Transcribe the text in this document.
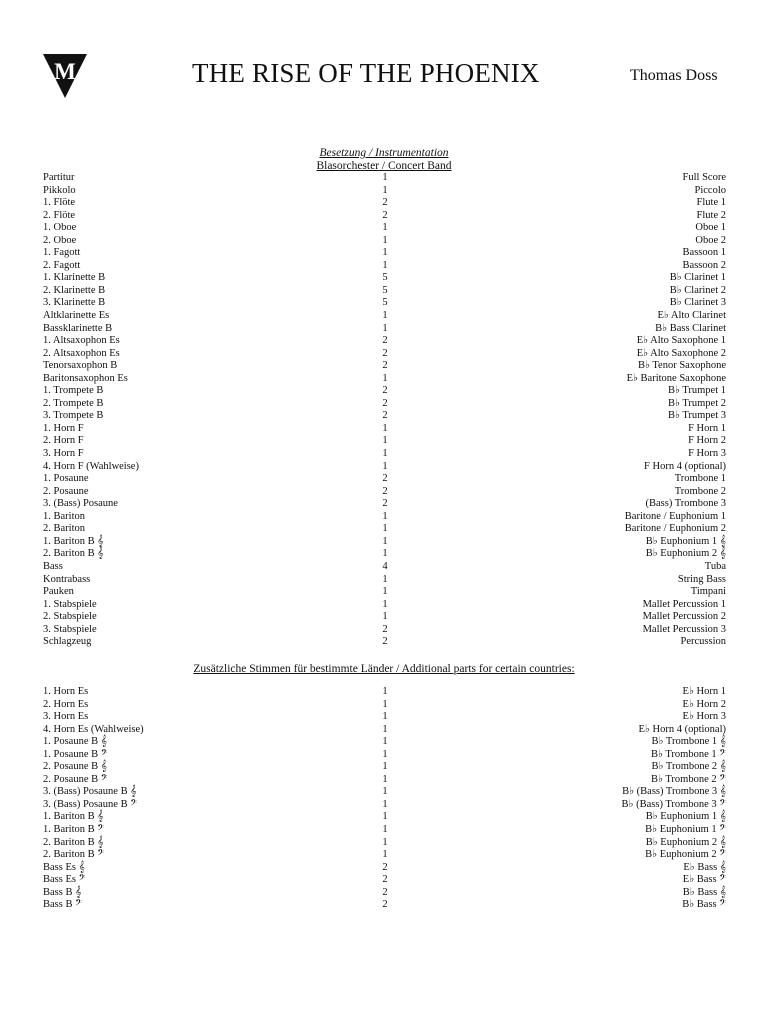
M	THE RISE OF THE PHOENIX	Thomas Doss
Besetzung / Instrumentation
Blasorchester / Concert Band
Partitur	1	Full Score
Pikkolo	1	Piccolo
1. Flöte	2	Flute 1
2. Flöte	2	Flute 2
1. Oboe	1	Oboe 1
2. Oboe	1	Oboe 2
1. Fagott	1	Bassoon 1
2. Fagott	1	Bassoon 2
1. Klarinette B	5	B♭ Clarinet 1
2. Klarinette B	5	B♭ Clarinet 2
3. Klarinette B	5	B♭ Clarinet 3
Altklarinette Es	1	E♭ Alto Clarinet
Bassklarinette B	1	B♭ Bass Clarinet
1. Altsaxophon Es	2	E♭ Alto Saxophone 1
2. Altsaxophon Es	2	E♭ Alto Saxophone 2
Tenorsaxophon B	2	B♭ Tenor Saxophone
Baritonsaxophon Es	1	E♭ Baritone Saxophone
1. Trompete B	2	B♭ Trumpet 1
2. Trompete B	2	B♭ Trumpet 2
3. Trompete B	2	B♭ Trumpet 3
1. Horn F	1	F Horn 1
2. Horn F	1	F Horn 2
3. Horn F	1	F Horn 3
4. Horn F (Wahlweise)	1	F Horn 4 (optional)
1. Posaune	2	Trombone 1
2. Posaune	2	Trombone 2
3. (Bass) Posaune	2	(Bass) Trombone 3
1. Bariton	1	Baritone / Euphonium 1
2. Bariton	1	Baritone / Euphonium 2
1. Bariton B 𝄞	1	B♭ Euphonium 1 𝄞
2. Bariton B 𝄞	1	B♭ Euphonium 2 𝄞
Bass	4	Tuba
Kontrabass	1	String Bass
Pauken	1	Timpani
1. Stabspiele	1	Mallet Percussion 1
2. Stabspiele	1	Mallet Percussion 2
3. Stabspiele	2	Mallet Percussion 3
Schlagzeug	2	Percussion
Zusätzliche Stimmen für bestimmte Länder / Additional parts for certain countries:
1. Horn Es	1	E♭ Horn 1
2. Horn Es	1	E♭ Horn 2
3. Horn Es	1	E♭ Horn 3
4. Horn Es (Wahlweise)	1	E♭ Horn 4 (optional)
1. Posaune B 𝄞	1	B♭ Trombone 1 𝄞
1. Posaune B 𝄢	1	B♭ Trombone 1 𝄢
2. Posaune B 𝄞	1	B♭ Trombone 2 𝄞
2. Posaune B 𝄢	1	B♭ Trombone 2 𝄢
3. (Bass) Posaune B 𝄞	1	B♭ (Bass) Trombone 3 𝄞
3. (Bass) Posaune B 𝄢	1	B♭ (Bass) Trombone 3 𝄢
1. Bariton B 𝄞	1	B♭ Euphonium 1 𝄞
1. Bariton B 𝄢	1	B♭ Euphonium 1 𝄢
2. Bariton B 𝄞	1	B♭ Euphonium 2 𝄞
2. Bariton B 𝄢	1	B♭ Euphonium 2 𝄢
Bass Es 𝄞	2	E♭ Bass 𝄞
Bass Es 𝄢	2	E♭ Bass 𝄢
Bass B 𝄞	2	B♭ Bass 𝄞
Bass B 𝄢	2	B♭ Bass 𝄢
